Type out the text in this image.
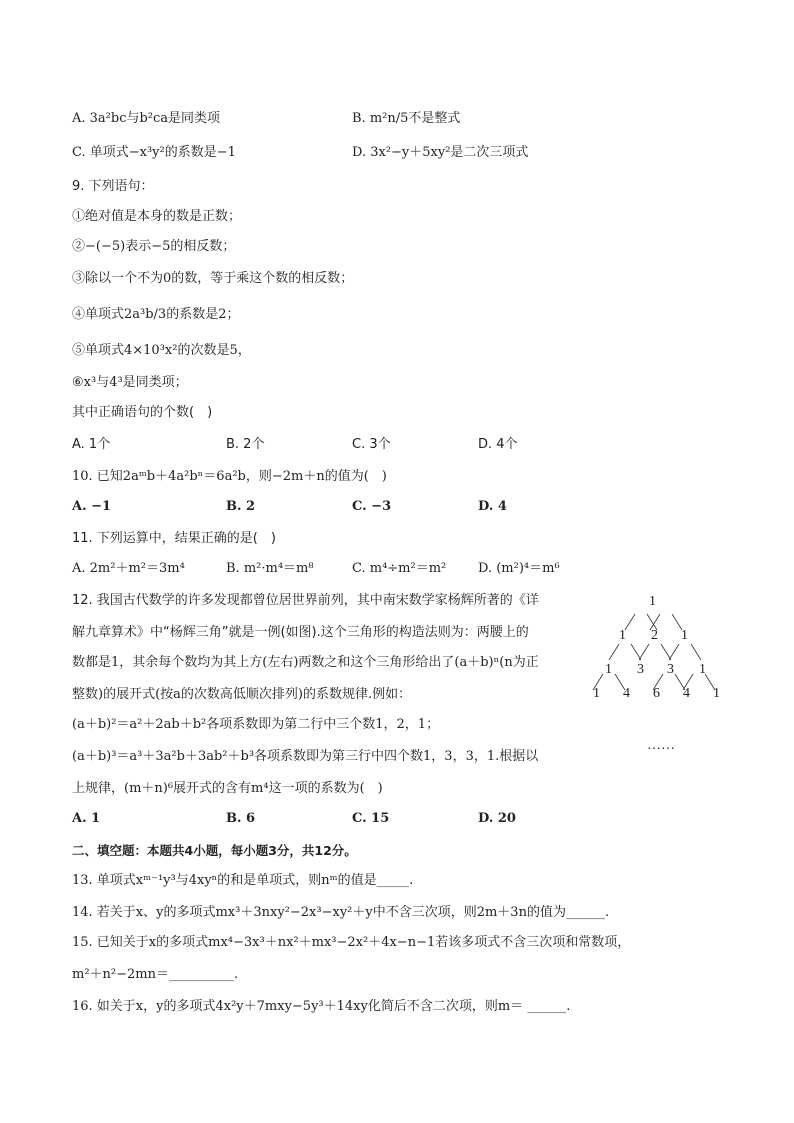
A. 3a²bc与b²ca是同类项	B. m²n/5不是整式
C. 单项式−x³y²的系数是−1	D. 3x²−y＋5xy²是二次三项式
9. 下列语句：
①绝对值是本身的数是正数；
②−(−5)表示−5的相反数；
③除以一个不为0的数，等于乘这个数的相反数；
④单项式2a³b/3的系数是2；
⑤单项式4×10³x²的次数是5，
⑥x³与4³是同类项；
其中正确语句的个数(　)
A. 1个	B. 2个	C. 3个	D. 4个
10. 已知2aᵐb＋4a²bⁿ＝6a²b，则−2m＋n的值为(　)
A. −1	B. 2	C. −3	D. 4
11. 下列运算中，结果正确的是(　)
A. 2m²＋m²＝3m⁴	B. m²·m⁴＝m⁸	C. m⁴÷m²＝m² D. (m²)⁴＝m⁶
12. 我国古代数学的许多发现都曾位居世界前列，其中南宋数学家杨辉所著的《详
解九章算术》中“杨辉三角”就是一例(如图).这个三角形的构造法则为：两腰上的
数都是1，其余每个数均为其上方(左右)两数之和这个三角形给出了(a＋b)ⁿ(n为正
整数)的展开式(按a的次数高低顺次排列)的系数规律.例如：
(a＋b)²＝a²＋2ab＋b²各项系数即为第二行中三个数1，2，1；
(a＋b)³＝a³＋3a²b＋3ab²＋b³各项系数即为第三行中四个数1，3，3，1.根据以
上规律，(m＋n)⁶展开式的含有m⁴这一项的系数为(　)
A. 1	B. 6	C. 15	D. 20
1
1 2 1
1 3 3 1
1 4 6 4 1
……
二、填空题：本题共4小题，每小题3分，共12分。
13. 单项式xᵐ⁻¹y³与4xyⁿ的和是单项式，则nᵐ的值是_____.
14. 若关于x、y的多项式mx³＋3nxy²−2x³−xy²＋y中不含三次项，则2m＋3n的值为______.
15. 已知关于x的多项式mx⁴−3x³＋nx²＋mx³−2x²＋4x−n−1若该多项式不含三次项和常数项，
m²＋n²−2mn＝__________.
16. 如关于x，y的多项式4x²y＋7mxy−5y³＋14xy化简后不含二次项，则m＝ ______.
